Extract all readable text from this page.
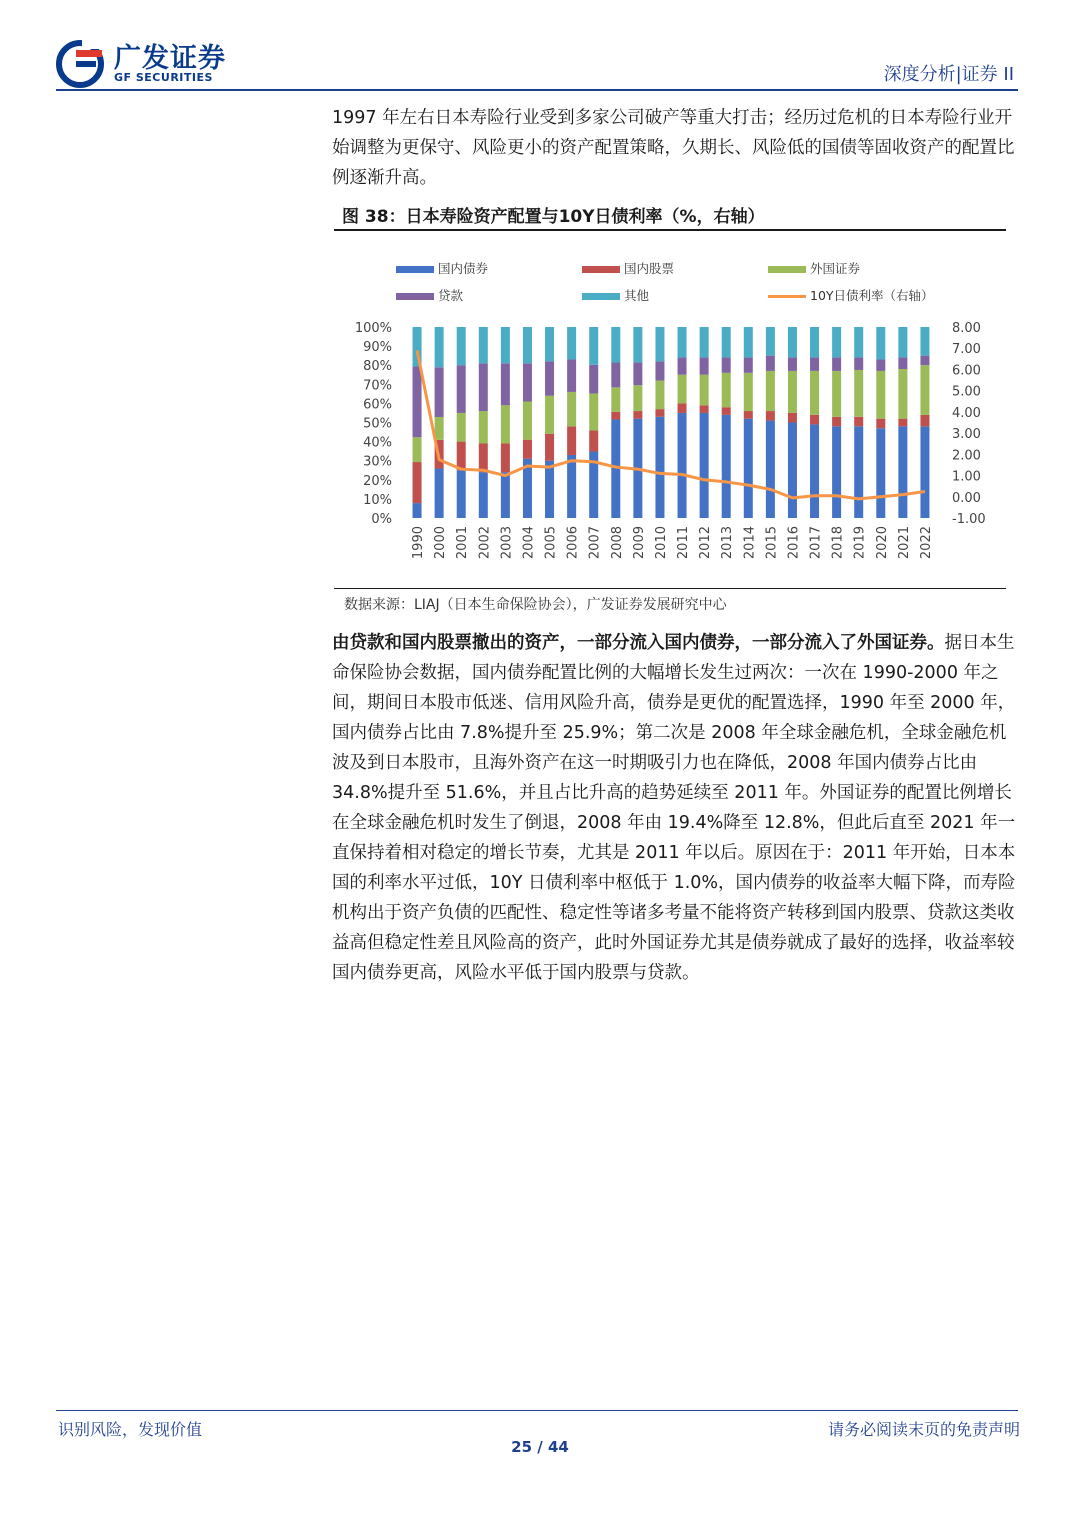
广发证券
GF SECURITIES	深度分析|证券 II

1997 年左右日本寿险行业受到多家公司破产等重大打击；经历过危机的日本寿险行业开始调整为更保守、风险更小的资产配置策略，久期长、风险低的国债等固收资产的配置比例逐渐升高。

图 38：日本寿险资产配置与10Y日债利率（%，右轴）
国内债券	国内股票	外国证券
贷款	其他	10Y日债利率（右轴）
0%
10%
20%
30%
40%
50%
60%
70%
80%
90%
100%
-1.00
0.00
1.00
2.00
3.00
4.00
5.00
6.00
7.00
8.00
1990 2000 2001 2002 2003 2004 2005 2006 2007 2008 2009 2010 2011 2012 2013 2014 2015 2016 2017 2018 2019 2020 2021 2022
数据来源：LIAJ（日本生命保险协会），广发证券发展研究中心

由贷款和国内股票撤出的资产，一部分流入国内债券，一部分流入了外国证券。据日本生命保险协会数据，国内债券配置比例的大幅增长发生过两次：一次在 1990-2000 年之间，期间日本股市低迷、信用风险升高，债券是更优的配置选择，1990 年至 2000 年，国内债券占比由 7.8%提升至 25.9%；第二次是 2008 年全球金融危机，全球金融危机波及到日本股市，且海外资产在这一时期吸引力也在降低，2008 年国内债券占比由 34.8%提升至 51.6%，并且占比升高的趋势延续至 2011 年。外国证券的配置比例增长在全球金融危机时发生了倒退，2008 年由 19.4%降至 12.8%，但此后直至 2021 年一直保持着相对稳定的增长节奏，尤其是 2011 年以后。原因在于：2011 年开始，日本本国的利率水平过低，10Y 日债利率中枢低于 1.0%，国内债券的收益率大幅下降，而寿险机构出于资产负债的匹配性、稳定性等诸多考量不能将资产转移到国内股票、贷款这类收益高但稳定性差且风险高的资产，此时外国证券尤其是债券就成了最好的选择，收益率较国内债券更高，风险水平低于国内股票与贷款。

识别风险，发现价值	请务必阅读末页的免责声明
25 / 44
